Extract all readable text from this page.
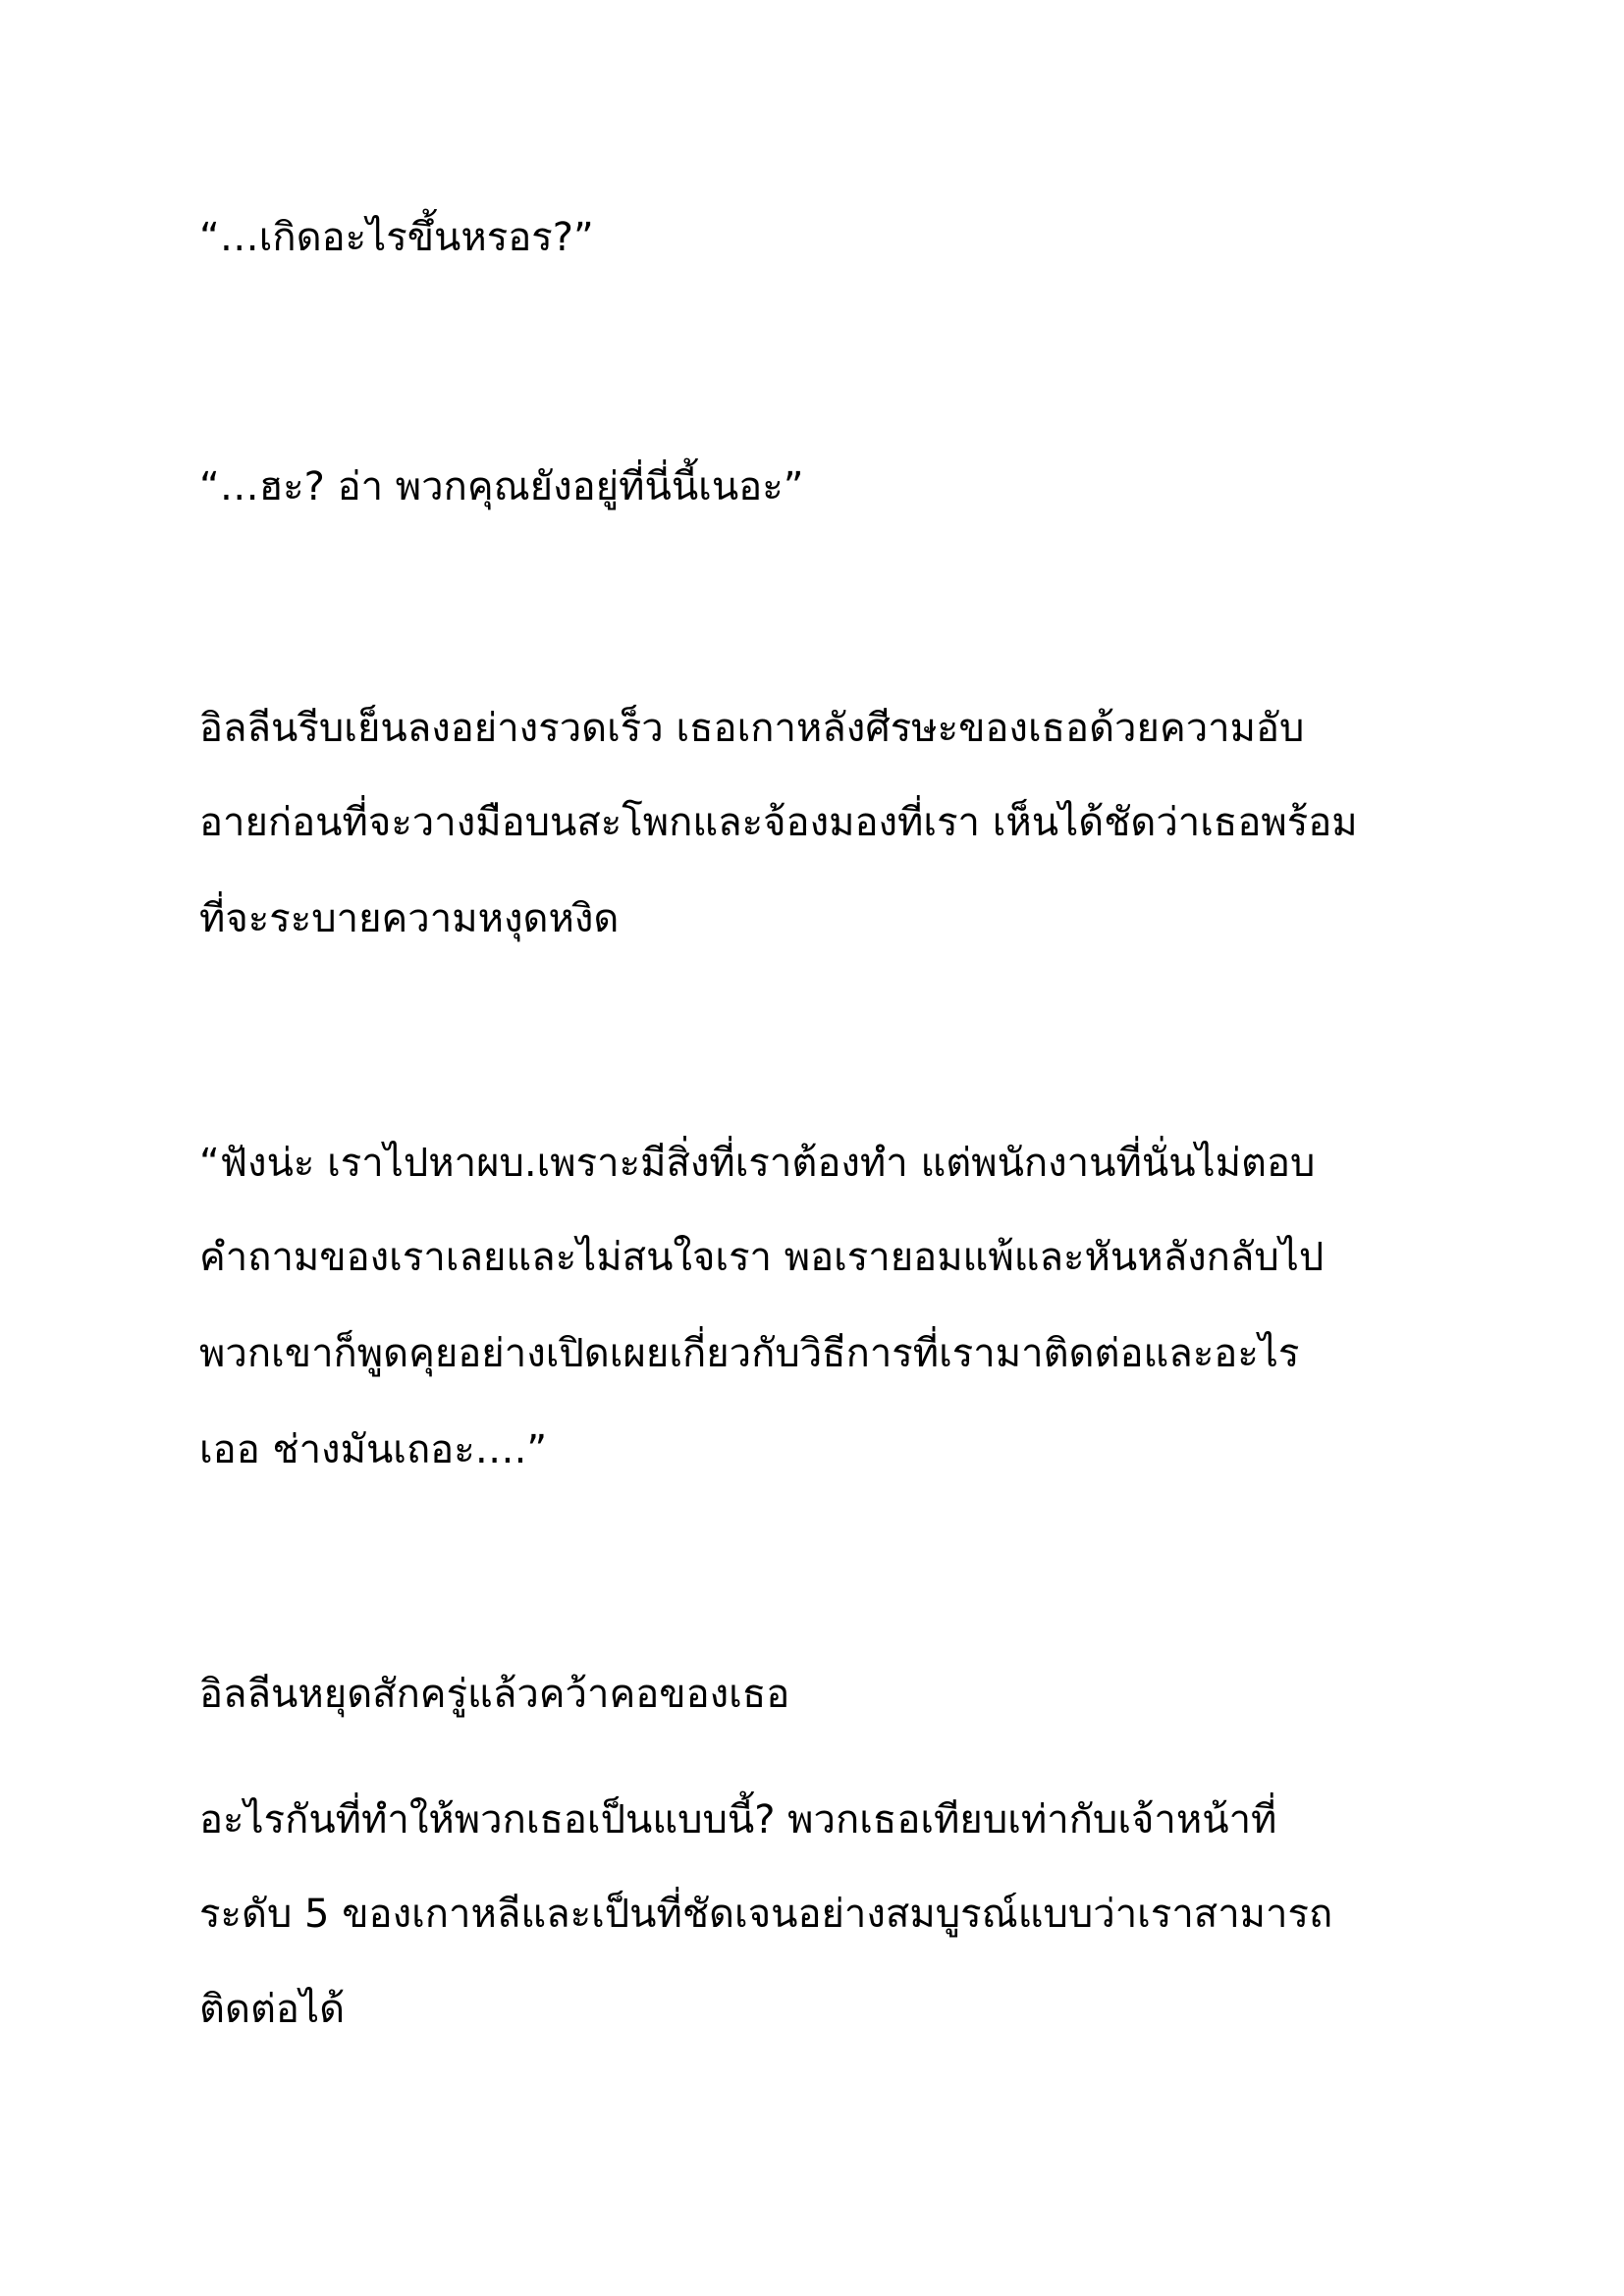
“…เกิดอะไรขึ้นหรอร?”
“…ฮะ? อ่า พวกคุณยังอยู่ที่นี่นี้เนอะ”
อิลลีนรีบเย็นลงอย่างรวดเร็ว เธอเกาหลังศีรษะของเธอด้วยความอับ
อายก่อนที่จะวางมือบนสะโพกและจ้องมองที่เรา เห็นได้ชัดว่าเธอพร้อม
ที่จะระบายความหงุดหงิด
“ฟังน่ะ เราไปหาผบ.เพราะมีสิ่งที่เราต้องทำ แต่พนักงานที่นั่นไม่ตอบ
คำถามของเราเลยและไม่สนใจเรา พอเรายอมแพ้และหันหลังกลับไป
พวกเขาก็พูดคุยอย่างเปิดเผยเกี่ยวกับวิธีการที่เรามาติดต่อและอะไร
เออ ช่างมันเถอะ….”
อิลลีนหยุดสักครู่แล้วคว้าคอของเธอ
อะไรกันที่ทำให้พวกเธอเป็นแบบนี้? พวกเธอเทียบเท่ากับเจ้าหน้าที่
ระดับ 5 ของเกาหลีและเป็นที่ชัดเจนอย่างสมบูรณ์แบบว่าเราสามารถ
ติดต่อได้
